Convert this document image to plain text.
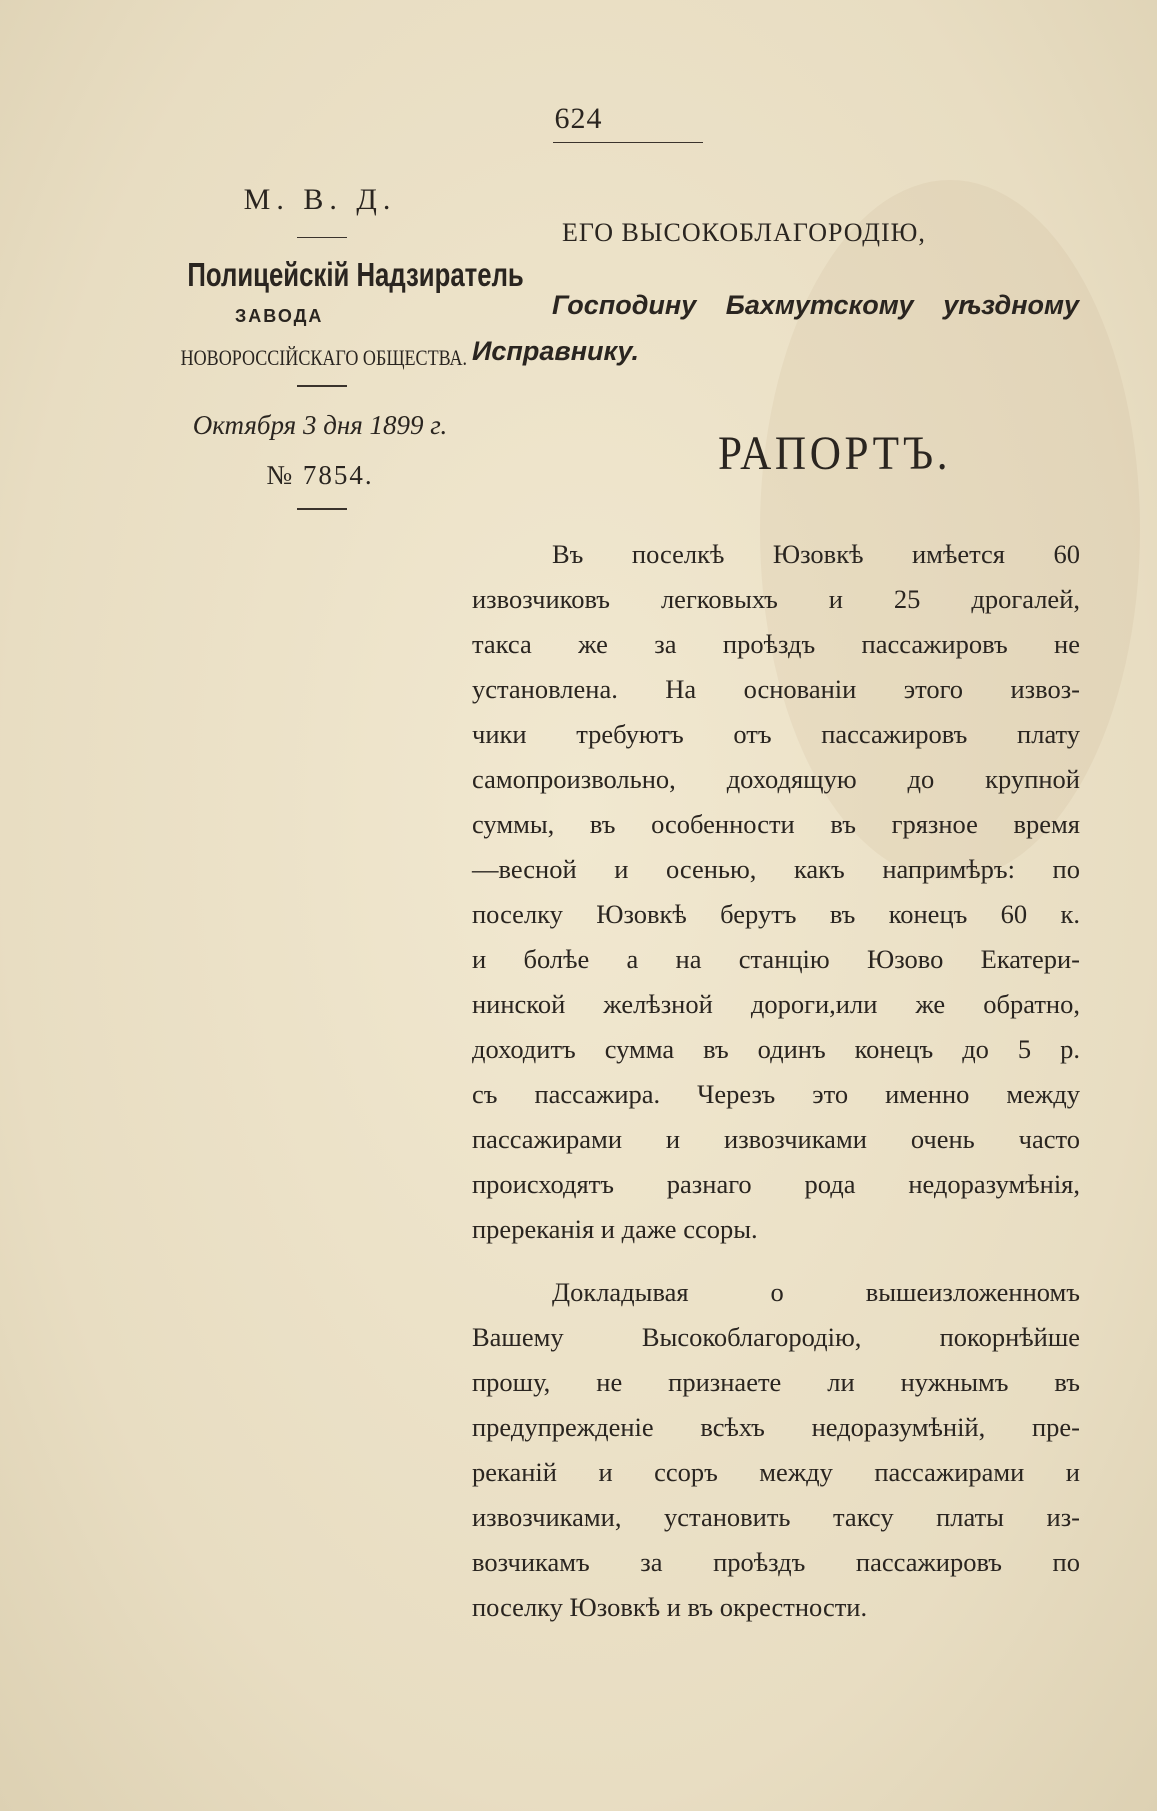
624
М. В. Д.
Полицейскій Надзиратель
ЗАВОДА
НОВОРОССІЙСКАГО ОБЩЕСТВА.
Октября 3 дня 1899 г.
№ 7854.
ЕГО ВЫСОКОБЛАГОРОДІЮ,
Господину Бахмутскому уѣздному
Исправнику.
РАПОРТЪ.
Въ поселкѣ Юзовкѣ имѣется 60
извозчиковъ легковыхъ и 25 дрогалей,
такса же за проѣздъ пассажировъ не
установлена. На основаніи этого извоз-
чики требуютъ отъ пассажировъ плату
самопроизвольно, доходящую до крупной
суммы, въ особенности въ грязное время
—весной и осенью, какъ напримѣръ: по
поселку Юзовкѣ берутъ въ конецъ 60 к.
и болѣе а на станцію Юзово Екатери-
нинской желѣзной дороги,или же обратно,
доходитъ сумма въ одинъ конецъ до 5 р.
съ пассажира. Черезъ это именно между
пассажирами и извозчиками очень часто
происходятъ разнаго рода недоразумѣнія,
пререканія и даже ссоры.
Докладывая о вышеизложенномъ
Вашему Высокоблагородію, покорнѣйше
прошу, не признаете ли нужнымъ въ
предупрежденіе всѣхъ недоразумѣній, пре-
реканій и ссоръ между пассажирами и
извозчиками, установить таксу платы из-
возчикамъ за проѣздъ пассажировъ по
поселку Юзовкѣ и въ окрестности.
